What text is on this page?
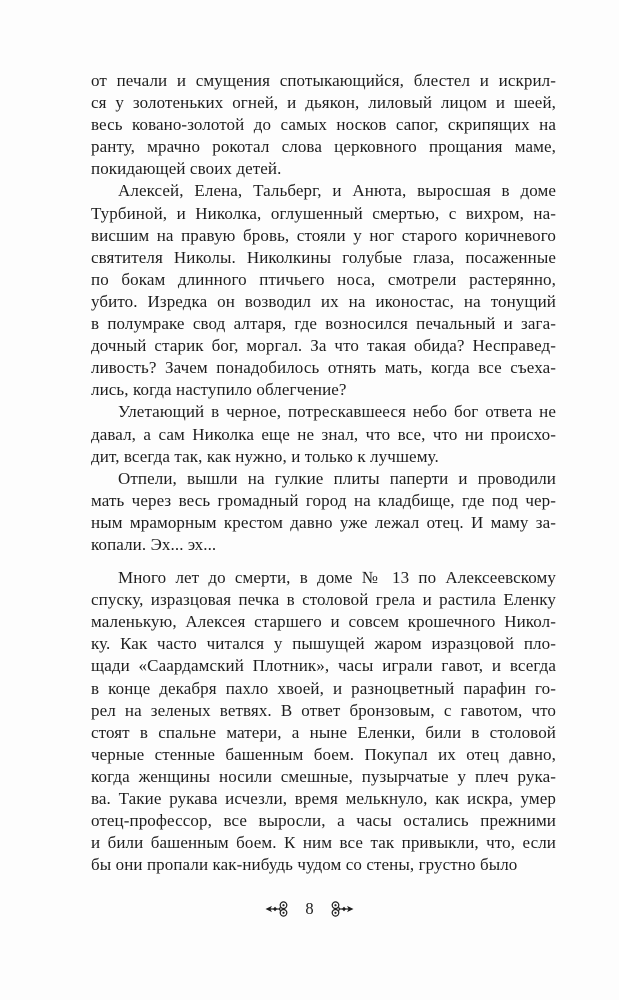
от печали и смущения спотыкающийся, блестел и искрил-
ся у золотеньких огней, и дьякон, лиловый лицом и шеей,
весь ковано-золотой до самых носков сапог, скрипящих на
ранту, мрачно рокотал слова церковного прощания маме,
покидающей своих детей.
Алексей, Елена, Тальберг, и Анюта, выросшая в доме
Турбиной, и Николка, оглушенный смертью, с вихром, на-
висшим на правую бровь, стояли у ног старого коричневого
святителя Николы. Николкины голубые глаза, посаженные
по бокам длинного птичьего носа, смотрели растерянно,
убито. Изредка он возводил их на иконостас, на тонущий
в полумраке свод алтаря, где возносился печальный и зага-
дочный старик бог, моргал. За что такая обида? Несправед-
ливость? Зачем понадобилось отнять мать, когда все съеха-
лись, когда наступило облегчение?
Улетающий в черное, потрескавшееся небо бог ответа не
давал, а сам Николка еще не знал, что все, что ни происхо-
дит, всегда так, как нужно, и только к лучшему.
Отпели, вышли на гулкие плиты паперти и проводили
мать через весь громадный город на кладбище, где под чер-
ным мраморным крестом давно уже лежал отец. И маму за-
копали. Эх... эх...
Много лет до смерти, в доме № 13 по Алексеевскому
спуску, изразцовая печка в столовой грела и растила Еленку
маленькую, Алексея старшего и совсем крошечного Никол-
ку. Как часто читался у пышущей жаром изразцовой пло-
щади «Саардамский Плотник», часы играли гавот, и всегда
в конце декабря пахло хвоей, и разноцветный парафин го-
рел на зеленых ветвях. В ответ бронзовым, с гавотом, что
стоят в спальне матери, а ныне Еленки, били в столовой
черные стенные башенным боем. Покупал их отец давно,
когда женщины носили смешные, пузырчатые у плеч рука-
ва. Такие рукава исчезли, время мелькнуло, как искра, умер
отец-профессор, все выросли, а часы остались прежними
и били башенным боем. К ним все так привыкли, что, если
бы они пропали как-нибудь чудом со стены, грустно было
8
